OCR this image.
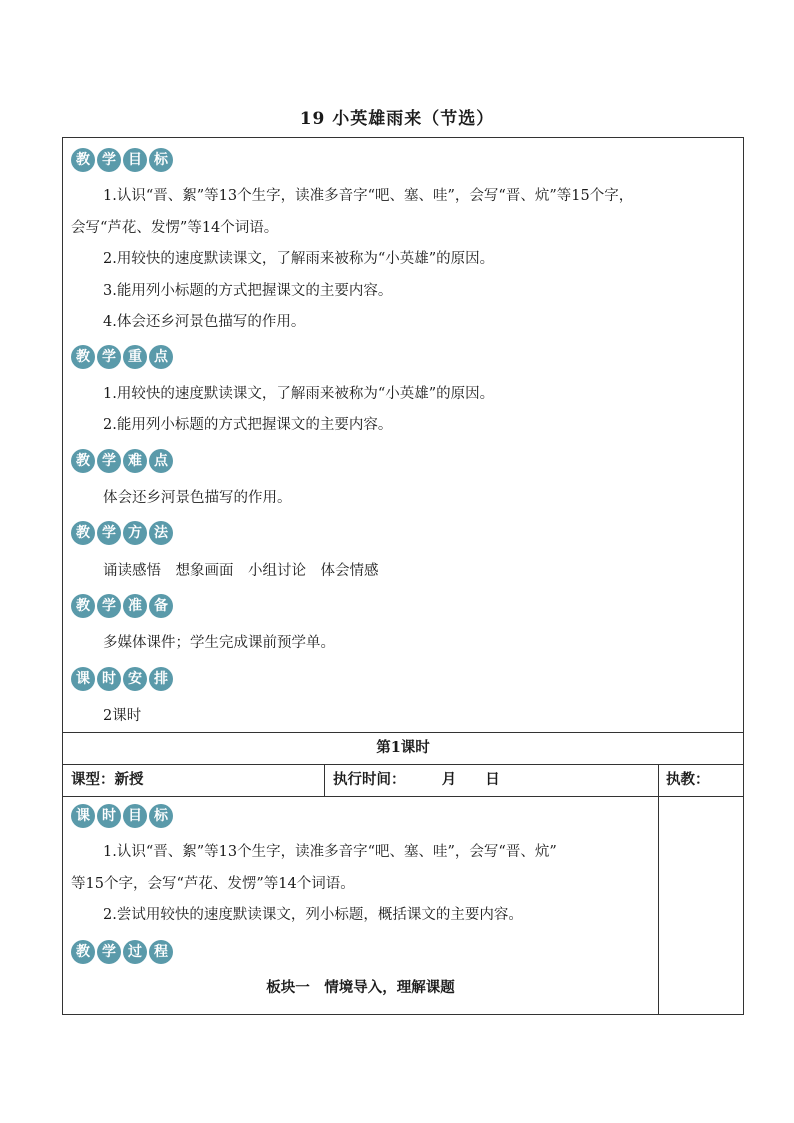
19 小英雄雨来（节选）
教 学 目 标
1.认识“晋、絮”等13个生字，读准多音字“吧、塞、哇”，会写“晋、炕”等15个字，
会写“芦花、发愣”等14个词语。
2.用较快的速度默读课文，了解雨来被称为“小英雄”的原因。
3.能用列小标题的方式把握课文的主要内容。
4.体会还乡河景色描写的作用。
教 学 重 点
1.用较快的速度默读课文，了解雨来被称为“小英雄”的原因。
2.能用列小标题的方式把握课文的主要内容。
教 学 难 点
体会还乡河景色描写的作用。
教 学 方 法
诵读感悟　想象画面　小组讨论　体会情感
教 学 准 备
多媒体课件；学生完成课前预学单。
课 时 安 排
2课时
第1课时
课型：新授	执行时间：　　　月　　日	执教：
课 时 目 标
1.认识“晋、絮”等13个生字，读准多音字“吧、塞、哇”，会写“晋、炕”
等15个字，会写“芦花、发愣”等14个词语。
2.尝试用较快的速度默读课文，列小标题，概括课文的主要内容。
教 学 过 程
板块一　情境导入，理解课题
